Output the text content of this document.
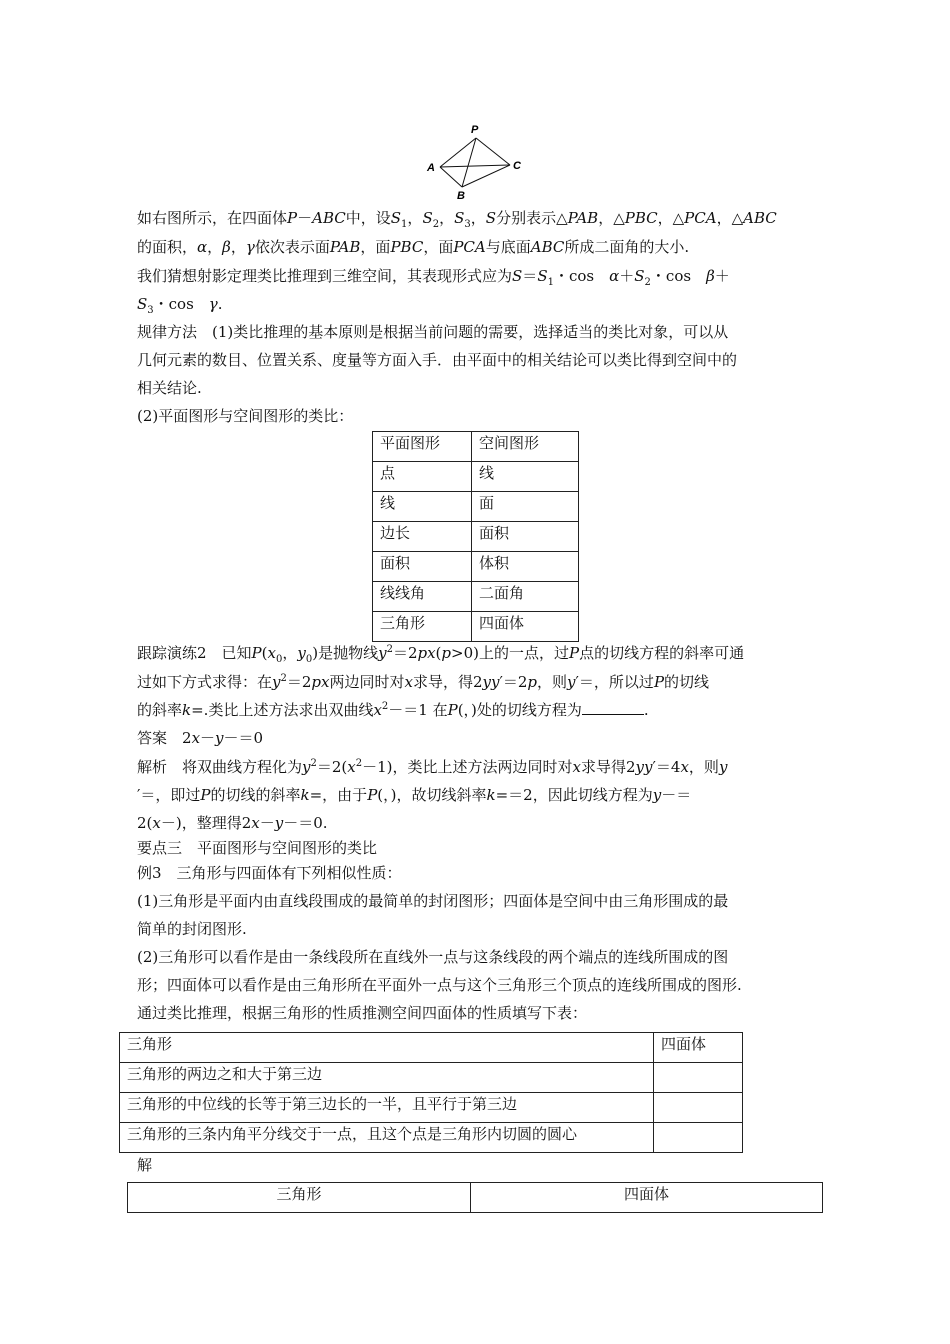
P
A
B
C
如右图所示，在四面体P－ABC中，设$S_1$，$S_2$，$S_3$，S分别表示△PAB，△PBC，△PCA，△ABC
的面积，α，β，γ依次表示面PAB，面PBC，面PCA与底面ABC所成二面角的大小.
我们猜想射影定理类比推理到三维空间，其表现形式应为$S=S_1$・cos　$\alpha+S_2$・cos　β＋
$S_3$・cos　γ.
规律方法　(1)类比推理的基本原则是根据当前问题的需要，选择适当的类比对象，可以从
几何元素的数目、位置关系、度量等方面入手．由平面中的相关结论可以类比得到空间中的
相关结论.
(2)平面图形与空间图形的类比：
平面图形	空间图形
点	线
线	面
边长	面积
面积	体积
线线角	二面角
三角形	四面体
跟踪演练2　已知$P(x_0$，$y_0$)是抛物线$y^2=2px(p>0)$上的一点，过P点的切线方程的斜率可通
过如下方式求得：在$y^2=2px$两边同时对x求导，得2yy′＝2p，则y′＝，所以过P的切线
的斜率k=.类比上述方法求出双曲线$x^2-=1$ 在P(，)处的切线方程为	.
答案　2x－y－＝0
解析　将双曲线方程化为$y^2=2(x^2-1)$，类比上述方法两边同时对x求导得2yy′＝4x，则y
′＝，即过P的切线的斜率k=，由于P(，)，故切线斜率k=＝2，因此切线方程为y－＝
2(x－)，整理得2x－y－＝0.
要点三　平面图形与空间图形的类比
例3　三角形与四面体有下列相似性质：
(1)三角形是平面内由直线段围成的最简单的封闭图形；四面体是空间中由三角形围成的最
简单的封闭图形.
(2)三角形可以看作是由一条线段所在直线外一点与这条线段的两个端点的连线所围成的图
形；四面体可以看作是由三角形所在平面外一点与这个三角形三个顶点的连线所围成的图形.
通过类比推理，根据三角形的性质推测空间四面体的性质填写下表：
三角形	四面体
三角形的两边之和大于第三边	
三角形的中位线的长等于第三边长的一半，且平行于第三边	
三角形的三条内角平分线交于一点，且这个点是三角形内切圆的圆心	
解
三角形	四面体
